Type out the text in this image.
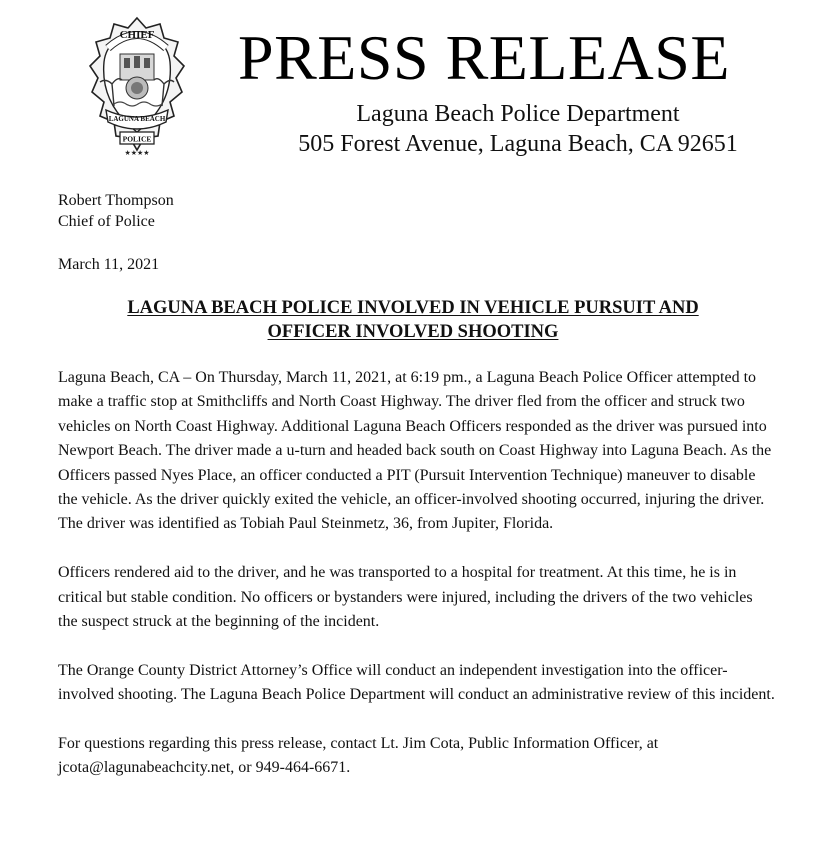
★★★★
CHIEF
LAGUNA BEACH
POLICE
PRESS RELEASE
Laguna Beach Police Department
505 Forest Avenue, Laguna Beach, CA 92651
Robert Thompson
Chief of Police
March 11, 2021
LAGUNA BEACH POLICE INVOLVED IN VEHICLE PURSUIT AND
OFFICER INVOLVED SHOOTING

Laguna Beach, CA – On Thursday, March 11, 2021, at 6:19 pm., a Laguna Beach Police Officer attempted to make a traffic stop at Smithcliffs and North Coast Highway. The driver fled from the officer and struck two vehicles on North Coast Highway. Additional Laguna Beach Officers responded as the driver was pursued into Newport Beach. The driver made a u-turn and headed back south on Coast Highway into Laguna Beach. As the Officers passed Nyes Place, an officer conducted a PIT (Pursuit Intervention Technique) maneuver to disable the vehicle. As the driver quickly exited the vehicle, an officer-involved shooting occurred, injuring the driver. The driver was identified as Tobiah Paul Steinmetz, 36, from Jupiter, Florida.

Officers rendered aid to the driver, and he was transported to a hospital for treatment. At this time, he is in critical but stable condition. No officers or bystanders were injured, including the drivers of the two vehicles the suspect struck at the beginning of the incident.

The Orange County District Attorney’s Office will conduct an independent investigation into the officer-involved shooting. The Laguna Beach Police Department will conduct an administrative review of this incident.

For questions regarding this press release, contact Lt. Jim Cota, Public Information Officer, at jcota@lagunabeachcity.net, or 949-464-6671.
